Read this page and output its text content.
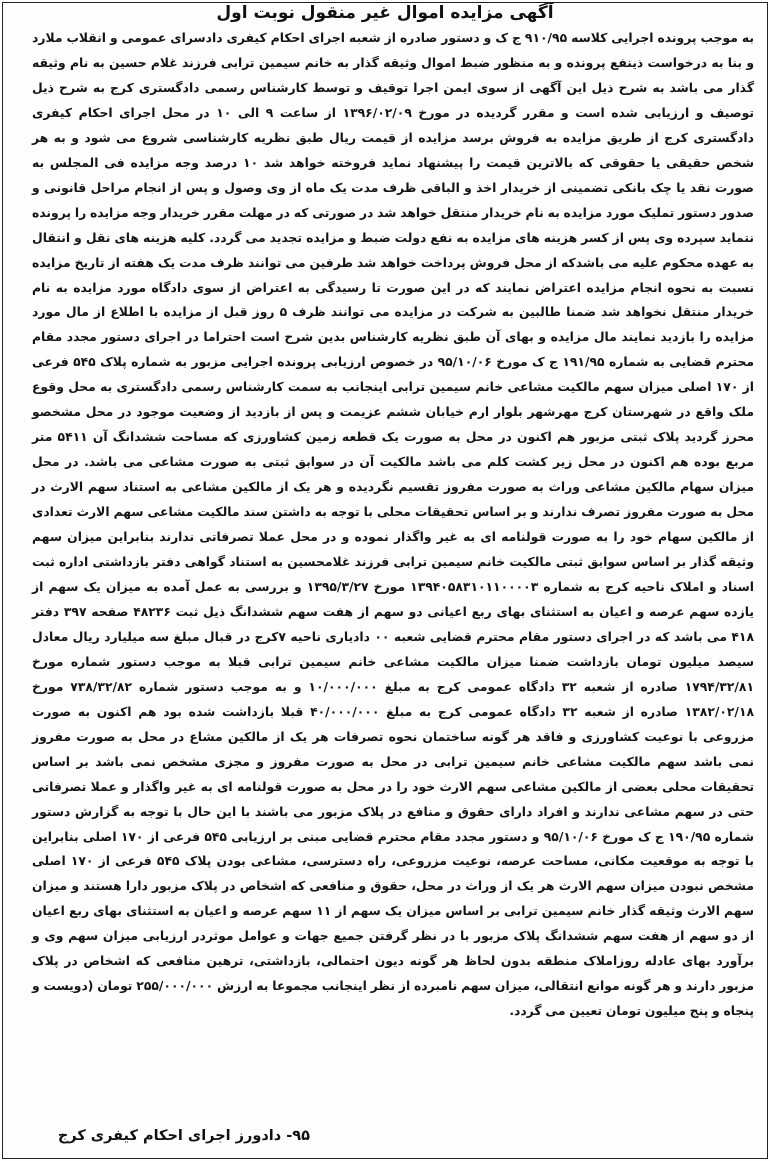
آگهی مزایده اموال غیر منقول نوبت اول
به موجب پرونده اجرایی کلاسه ۹۱۰/۹۵ ج ک و دستور صادره از شعبه اجرای احکام کیفری دادسرای عمومی و انقلاب ملارد و بنا به درخواست ذینفع پرونده و به منظور ضبط اموال وثیقه گذار به خانم سیمین ترابی فرزند غلام حسین به نام وثیقه گذار می باشد به شرح ذیل این آگهی از سوی ایمن اجرا توقیف و توسط کارشناس رسمی دادگستری کرج به شرح ذیل توصیف و ارزیابی شده است و مقرر گردیده در مورخ ۱۳۹۶/۰۲/۰۹ از ساعت ۹ الی ۱۰ در محل اجرای احکام کیفری دادگستری کرج از طریق مزایده به فروش برسد مزایده از قیمت ریال طبق نظریه کارشناسی شروع می شود و به هر شخص حقیقی یا حقوقی که بالاترین قیمت را پیشنهاد نماید فروخته خواهد شد ۱۰ درصد وجه مزایده فی المجلس به صورت نقد یا چک بانکی تضمینی از خریدار اخذ و الباقی ظرف مدت یک ماه از وی وصول و پس از انجام مراحل قانونی و صدور دستور تملیک مورد مزایده به نام خریدار منتقل خواهد شد در صورتی که در مهلت مقرر خریدار وجه مزایده را پرونده نتماید سپرده وی پس از کسر هزینه های مزایده به نفع دولت ضبط و مزایده تجدید می گردد. کلیه هزینه های نقل و انتقال به عهده محکوم علیه می باشدکه از محل فروش پرداخت خواهد شد طرفین می توانند ظرف مدت یک هفته از تاریخ مزایده نسبت به نحوه انجام مزایده اعتراض نمایند که در این صورت تا رسیدگی به اعتراض از سوی دادگاه مورد مزایده به نام خریدار منتقل نخواهد شد ضمنا طالبین به شرکت در مزایده می توانند ظرف ۵ روز قبل از مزایده با اطلاع از مال مورد مزایده را بازدید نمایند مال مزایده و بهای آن طبق نظریه کارشناس بدین شرح است احتراما در اجرای دستور مجدد مقام محترم قضایی به شماره ۱۹۱/۹۵ ج ک مورخ ۹۵/۱۰/۰۶ در خصوص ارزیابی پرونده اجرایی مزبور به شماره پلاک ۵۴۵ فرعی از ۱۷۰ اصلی میزان سهم مالکیت مشاعی خانم سیمین ترابی اینجانب به سمت کارشناس رسمی دادگستری به محل وقوع ملک واقع در شهرستان کرج مهرشهر بلوار ارم خیابان ششم عزیمت و پس از بازدید از وضعیت موجود در محل مشخصو محرز گردید پلاک ثبتی مزبور هم اکنون در محل به صورت یک قطعه زمین کشاورزی که مساحت ششدانگ آن ۵۴۱۱ متر مربع بوده هم اکنون در محل زیر کشت کلم می باشد مالکیت آن در سوابق ثبتی به صورت مشاعی می باشد. در محل میزان سهام مالکین مشاعی وراث به صورت مفروز تقسیم نگردیده و هر یک از مالکین مشاعی به استناد سهم الارث در محل به صورت مفروز تصرف ندارند و بر اساس تحقیقات محلی با توجه به داشتن سند مالکیت مشاعی سهم الارث تعدادی از مالکین سهام خود را به صورت قولنامه ای به غیر واگذار نموده و در محل عملا تصرفاتی ندارند بنابراین میزان سهم وثیقه گذار بر اساس سوابق ثبتی مالکیت خانم سیمین ترابی فرزند غلامحسین به استناد گواهی دفتر بازداشتی اداره ثبت اسناد و املاک ناحیه کرج به شماره ۱۳۹۴۰۵۸۳۱۰۱۱۰۰۰۰۳ مورخ ۱۳۹۵/۳/۲۷ و بررسی به عمل آمده به میزان یک سهم از یازده سهم عرصه و اعیان به استثنای بهای ربع اعیانی دو سهم از هفت سهم ششدانگ ذیل ثبت ۴۸۲۳۶ صفحه ۳۹۷ دفتر ۴۱۸ می باشد که در اجرای دستور مقام محترم قضایی شعبه ۰۰ دادیاری ناحیه ۷کرج در قبال مبلغ سه میلیارد ریال معادل سیصد میلیون تومان بازداشت ضمنا میزان مالکیت مشاعی خانم سیمین ترابی قبلا به موجب دستور شماره مورخ ۱۷۹۴/۳۲/۸۱ صادره از شعبه ۳۲ دادگاه عمومی کرج به مبلغ ۱۰/۰۰۰/۰۰۰ و به موجب دستور شماره ۷۳۸/۳۲/۸۲ مورخ ۱۳۸۲/۰۲/۱۸ صادره از شعبه ۳۲ دادگاه عمومی کرج به مبلغ ۴۰/۰۰۰/۰۰۰ قبلا بازداشت شده بود هم اکنون به صورت مزروعی با نوعیت کشاورزی و فاقد هر گونه ساختمان نحوه تصرفات هر یک از مالکین مشاع در محل به صورت مفروز نمی باشد سهم مالکیت مشاعی خانم سیمین ترابی در محل به صورت مفروز و مجزی مشخص نمی باشد بر اساس تحقیقات محلی بعضی از مالکین مشاعی سهم الارث خود را در محل به صورت قولنامه ای به غیر واگذار و عملا تصرفاتی حتی در سهم مشاعی ندارند و افراد دارای حقوق و منافع در پلاک مزبور می باشند با این حال با توجه به گزارش دستور شماره ۱۹۰/۹۵ ج ک مورخ ۹۵/۱۰/۰۶ و دستور مجدد مقام محترم قضایی مبنی بر ارزیابی ۵۴۵ فرعی از ۱۷۰ اصلی بنابراین با توجه به موقعیت مکانی، مساحت عرصه، نوعیت مزروعی، راه دسترسی، مشاعی بودن پلاک ۵۴۵ فرعی از ۱۷۰ اصلی مشخص نبودن میزان سهم الارث هر یک از وراث در محل، حقوق و منافعی که اشخاص در پلاک مزبور دارا هستند و میزان سهم الارث وثیقه گذار خانم سیمین ترابی بر اساس میزان یک سهم از ۱۱ سهم عرصه و اعیان به استثنای بهای ربع اعیان از دو سهم از هفت سهم ششدانگ پلاک مزبور با در نظر گرفتن جمیع جهات و عوامل موثردر ارزیابی میزان سهم وی و برآورد بهای عادله روزاملاک منطقه بدون لحاظ هر گونه دیون احتمالی، بازداشتی، ترهین منافعی که اشخاص در پلاک مزبور دارند و هر گونه موانع انتقالی، میزان سهم نامبرده از نظر اینجانب مجموعا به ارزش ۲۵۵/۰۰۰/۰۰۰ تومان (دویست و پنجاه و پنج میلیون تومان تعیین می گردد.
۹۵- دادورز اجرای احکام کیفری کرج
